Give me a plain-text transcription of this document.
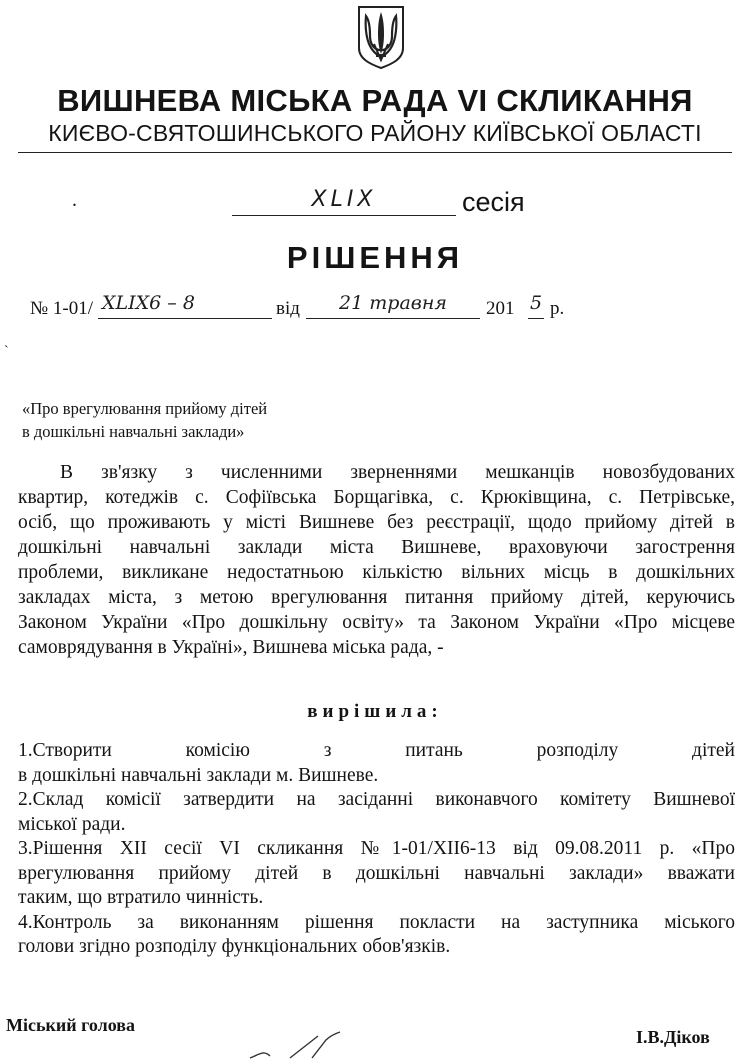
ВИШНЕВА МІСЬКА РАДА VI СКЛИКАННЯ
КИЄВО-СВЯТОШИНСЬКОГО РАЙОНУ КИЇВСЬКОЇ ОБЛАСТІ
.	XLIX	сесія
РІШЕННЯ
№ 1-01/ XLIX6 – 8	від	21 травня	201 5 р.
˴
«Про врегулювання прийому дітей
в дошкільні навчальні заклади»
В зв'язку з численними зверненнями мешканців новозбудованих
квартир, котеджів с. Софіївська Борщагівка, с. Крюківщина, с. Петрівське,
осіб, що проживають у місті Вишневе без реєстрації, щодо прийому дітей в
дошкільні навчальні заклади міста Вишневе, враховуючи загострення
проблеми, викликане недостатньою кількістю вільних місць в дошкільних
закладах міста, з метою врегулювання питання прийому дітей, керуючись
Законом України «Про дошкільну освіту» та Законом України «Про місцеве
самоврядування в Україні», Вишнева міська рада, -
вирішила:
1.Створити комісію з питань розподілу дітей
в дошкільні навчальні заклади м. Вишневе.
2.Склад комісії затвердити на засіданні виконавчого комітету Вишневої
міської ради.
3.Рішення XII сесії VI скликання №1-01/XII6-13 від 09.08.2011 р. «Про
врегулювання прийому дітей в дошкільні навчальні заклади» вважати
таким, що втратило чинність.
4.Контроль за виконанням рішення покласти на заступника міського
голови згідно розподілу функціональних обов'язків.
Міський голова
І.В.Діков
